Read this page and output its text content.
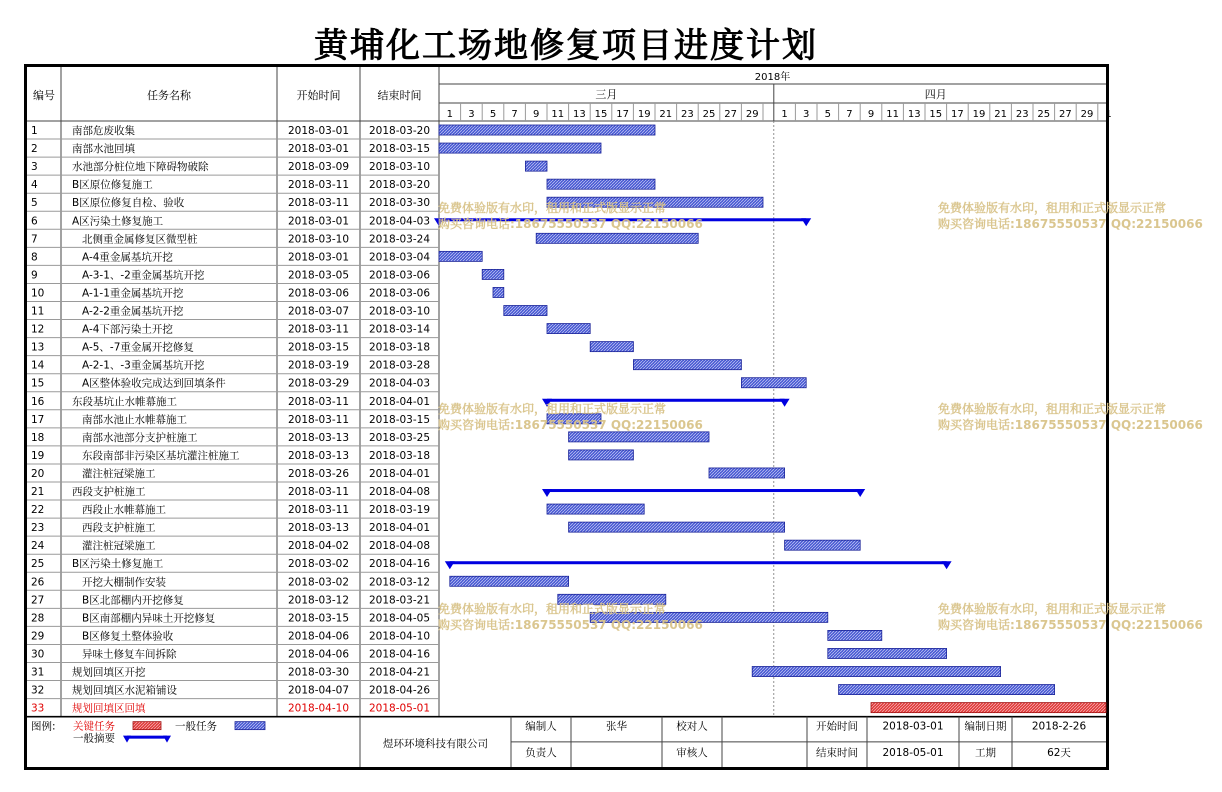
黄埔化工场地修复项目进度计划
编号	任务名称	开始时间	结束时间
2018年
三月
1 3 5 7 9 11 13 15 17 19 21 23 25 27 29
四月
1 3 5 7 9 11 13 15 17 19 21 23 25 27 29 1
1	南部危废收集	2018-03-01 2018-03-20
2	南部水池回填	2018-03-01 2018-03-15
3	水池部分桩位地下障碍物破除	2018-03-09 2018-03-10
4	B区原位修复施工	2018-03-11 2018-03-20
5	B区原位修复自检、验收	2018-03-11 2018-03-30
6	A区污染土修复施工	2018-03-01 2018-04-03
7	北侧重金属修复区微型桩	2018-03-10 2018-03-24
8	A-4重金属基坑开挖	2018-03-01 2018-03-04
9	A-3-1、-2重金属基坑开挖	2018-03-05 2018-03-06
10	A-1-1重金属基坑开挖	2018-03-06 2018-03-06
11	A-2-2重金属基坑开挖	2018-03-07 2018-03-10
12	A-4下部污染土开挖	2018-03-11 2018-03-14
13	A-5、-7重金属开挖修复	2018-03-15 2018-03-18
14	A-2-1、-3重金属基坑开挖	2018-03-19 2018-03-28
15	A区整体验收完成达到回填条件	2018-03-29 2018-04-03
16	东段基坑止水帷幕施工	2018-03-11 2018-04-01
17	南部水池止水帷幕施工	2018-03-11 2018-03-15
18	南部水池部分支护桩施工	2018-03-13 2018-03-25
19	东段南部非污染区基坑灌注桩施工	2018-03-13 2018-03-18
20	灌注桩冠梁施工	2018-03-26 2018-04-01
21	西段支护桩施工	2018-03-11 2018-04-08
22	西段止水帷幕施工	2018-03-11 2018-03-19
23	西段支护桩施工	2018-03-13 2018-04-01
24	灌注桩冠梁施工	2018-04-02 2018-04-08
25	B区污染土修复施工	2018-03-02 2018-04-16
26	开挖大棚制作安装	2018-03-02 2018-03-12
27	B区北部棚内开挖修复	2018-03-12 2018-03-21
28	B区南部棚内异味土开挖修复	2018-03-15 2018-04-05
29	B区修复土整体验收	2018-04-06 2018-04-10
30	异味土修复车间拆除	2018-04-06 2018-04-16
31	规划回填区开挖	2018-03-30 2018-04-21
32	规划回填区水泥箱铺设	2018-04-07 2018-04-26
33	规划回填区回填	2018-04-10 2018-05-01
煜环环境科技有限公司
编制人	张华	校对人	开始时间 2018-03-01 编制日期 2018-2-26
负责人	审核人	结束时间 2018-05-01	工期	62天
图例: 关键任务	一般任务
一般摘要
免费体验版有水印，租用和正式版显示正常
购买咨询电话:18675550537 QQ:22150066
免费体验版有水印，租用和正式版显示正常
购买咨询电话:18675550537 QQ:22150066
免费体验版有水印，租用和正式版显示正常
购买咨询电话:18675550537 QQ:22150066
免费体验版有水印，租用和正式版显示正常
购买咨询电话:18675550537 QQ:22150066
免费体验版有水印，租用和正式版显示正常
购买咨询电话:18675550537 QQ:22150066
免费体验版有水印，租用和正式版显示正常
购买咨询电话:18675550537 QQ:22150066
